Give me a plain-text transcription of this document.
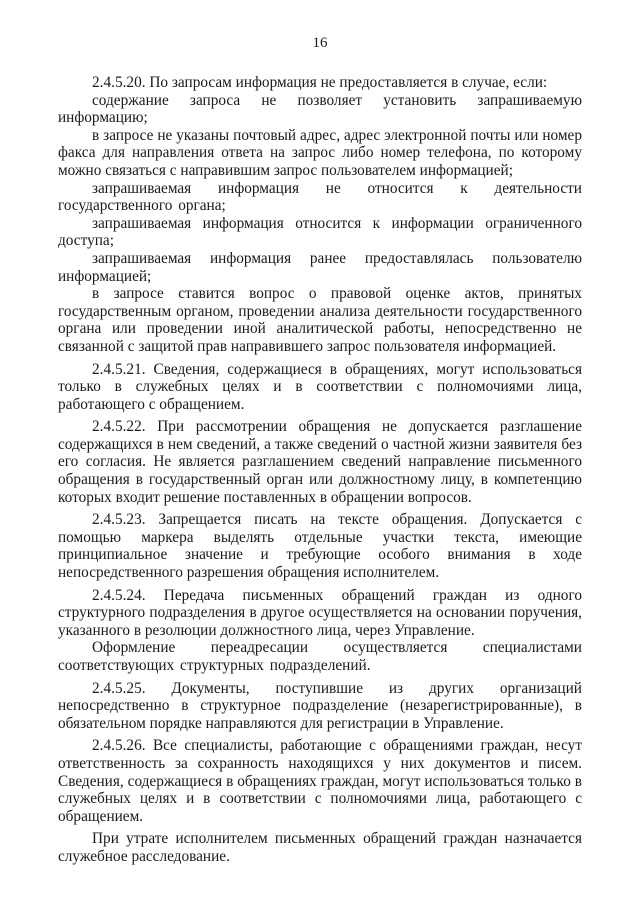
16

2.4.5.20. По запросам информация не предоставляется в случае, если:

содержание запроса не позволяет установить запрашиваемую информацию;

в запросе не указаны почтовый адрес, адрес электронной почты или номер факса для направления ответа на запрос либо номер телефона, по которому можно связаться с направившим запрос пользователем информацией;

запрашиваемая информация не относится к деятельности государственного органа;

запрашиваемая информация относится к информации ограниченного доступа;

запрашиваемая информация ранее предоставлялась пользователю информацией;

в запросе ставится вопрос о правовой оценке актов, принятых государственным органом, проведении анализа деятельности государственного органа или проведении иной аналитической работы, непосредственно не связанной с защитой прав направившего запрос пользователя информацией.

2.4.5.21. Сведения, содержащиеся в обращениях, могут использоваться только в служебных целях и в соответствии с полномочиями лица, работающего с обращением.

2.4.5.22. При рассмотрении обращения не допускается разглашение содержащихся в нем сведений, а также сведений о частной жизни заявителя без его согласия. Не является разглашением сведений направление письменного обращения в государственный орган или должностному лицу, в компетенцию которых входит решение поставленных в обращении вопросов.

2.4.5.23. Запрещается писать на тексте обращения. Допускается с помощью маркера выделять отдельные участки текста, имеющие принципиальное значение и требующие особого внимания в ходе непосредственного разрешения обращения исполнителем.

2.4.5.24. Передача письменных обращений граждан из одного структурного подразделения в другое осуществляется на основании поручения, указанного в резолюции должностного лица, через Управление.

Оформление переадресации осуществляется специалистами соответствующих структурных подразделений.

2.4.5.25. Документы, поступившие из других организаций непосредственно в структурное подразделение (незарегистрированные), в обязательном порядке направляются для регистрации в Управление.

2.4.5.26. Все специалисты, работающие с обращениями граждан, несут ответственность за сохранность находящихся у них документов и писем. Сведения, содержащиеся в обращениях граждан, могут использоваться только в служебных целях и в соответствии с полномочиями лица, работающего с обращением.

При утрате исполнителем письменных обращений граждан назначается служебное расследование.
